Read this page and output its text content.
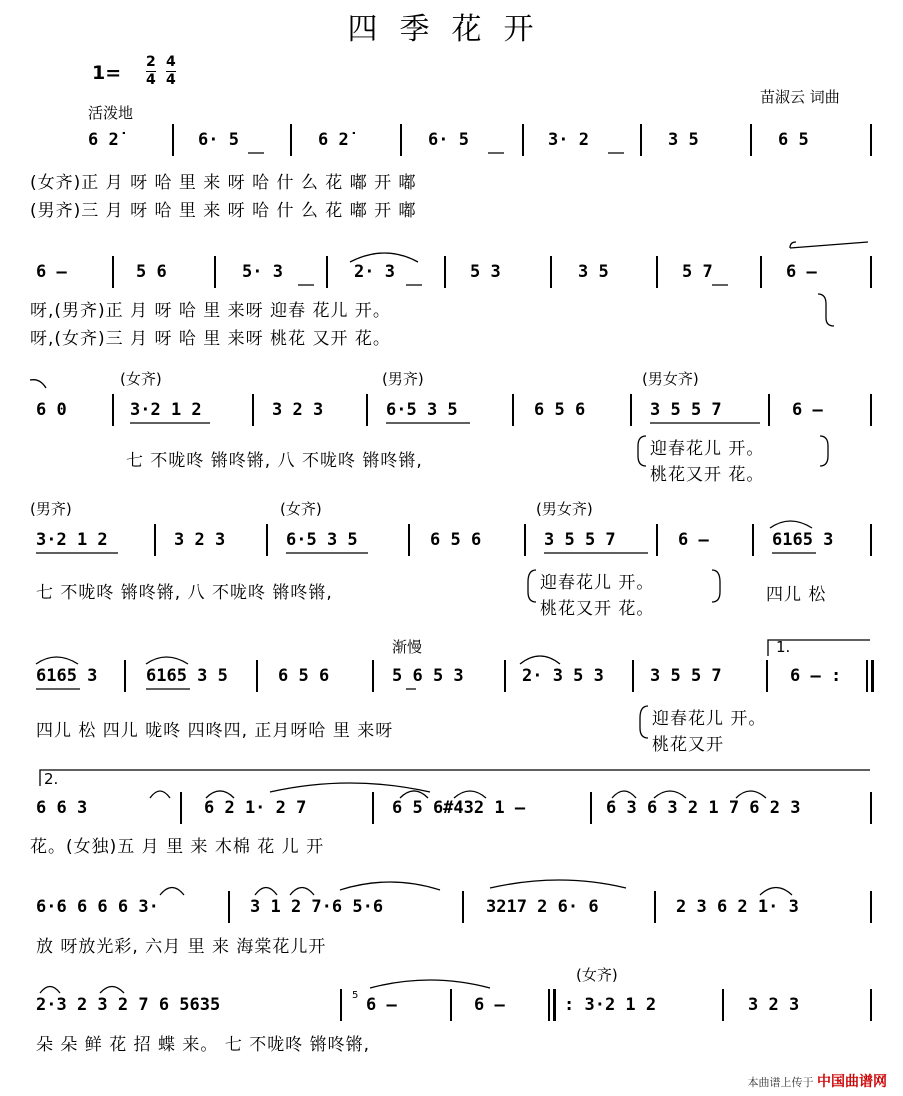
四季花开
1= 2
4
4
4
活泼地
苗淑云 词曲
6 2̇	6· 5	6 2̇	6· 5	3· 2	3 5	6 5
(女齐)正 月 呀 哈 里 来 呀 哈 什 么 花 嘟 开 嘟
(男齐)三 月 呀 哈 里 来 呀 哈 什 么 花 嘟 开 嘟
6 –	5 6	5· 3	2· 3	5 3	3 5	5 7	6 –
呀,(男齐)正 月 呀 哈 里 来呀 迎春 花儿 开。
呀,(女齐)三 月 呀 哈 里 来呀 桃花 又开 花。
(女齐)	(男齐)	(男女齐)
6 0	3·2 1 2	3 2 3	6·5 3 5	6 5 6	3 5 5 7	6 –
七 不咙咚 锵咚锵, 八 不咙咚 锵咚锵,
迎春花儿 开。
桃花又开 花。
(男齐)	(女齐)	(男女齐)
3·2 1 2	3 2 3	6·5 3 5	6 5 6	3 5 5 7	6 –	6165 3
七 不咙咚 锵咚锵, 八 不咙咚 锵咚锵,	迎春花儿 开。
桃花又开 花。
四儿 松
渐慢	1.
6165 3	6165 3 5	6 5 6	5 6 5 3	2· 3 5 3	3 5 5 7	6 – :
四儿 松 四儿 咙咚 四咚四, 正月呀哈 里 来呀
迎春花儿 开。
桃花又开
2.
6 6 3	6 2 1· 2 7	6 5 6#432 1 –	6 3 6 3 2 1 7 6 2 3
花。(女独)五 月 里 来 木棉 花 儿 开
6·6 6 6 6 3·	3 1 2 7·6 5·6	3217 2 6· 6	2 3 6 2 1· 3
放 呀放光彩, 六月 里 来 海棠花儿开
(女齐)
5
2·3 2 3 2 7 6 5635	6 –	6 –	: 3·2 1 2	3 2 3
朵 朵 鲜 花 招 蝶 来。 七 不咙咚 锵咚锵,
本曲谱上传于 中国曲谱网
